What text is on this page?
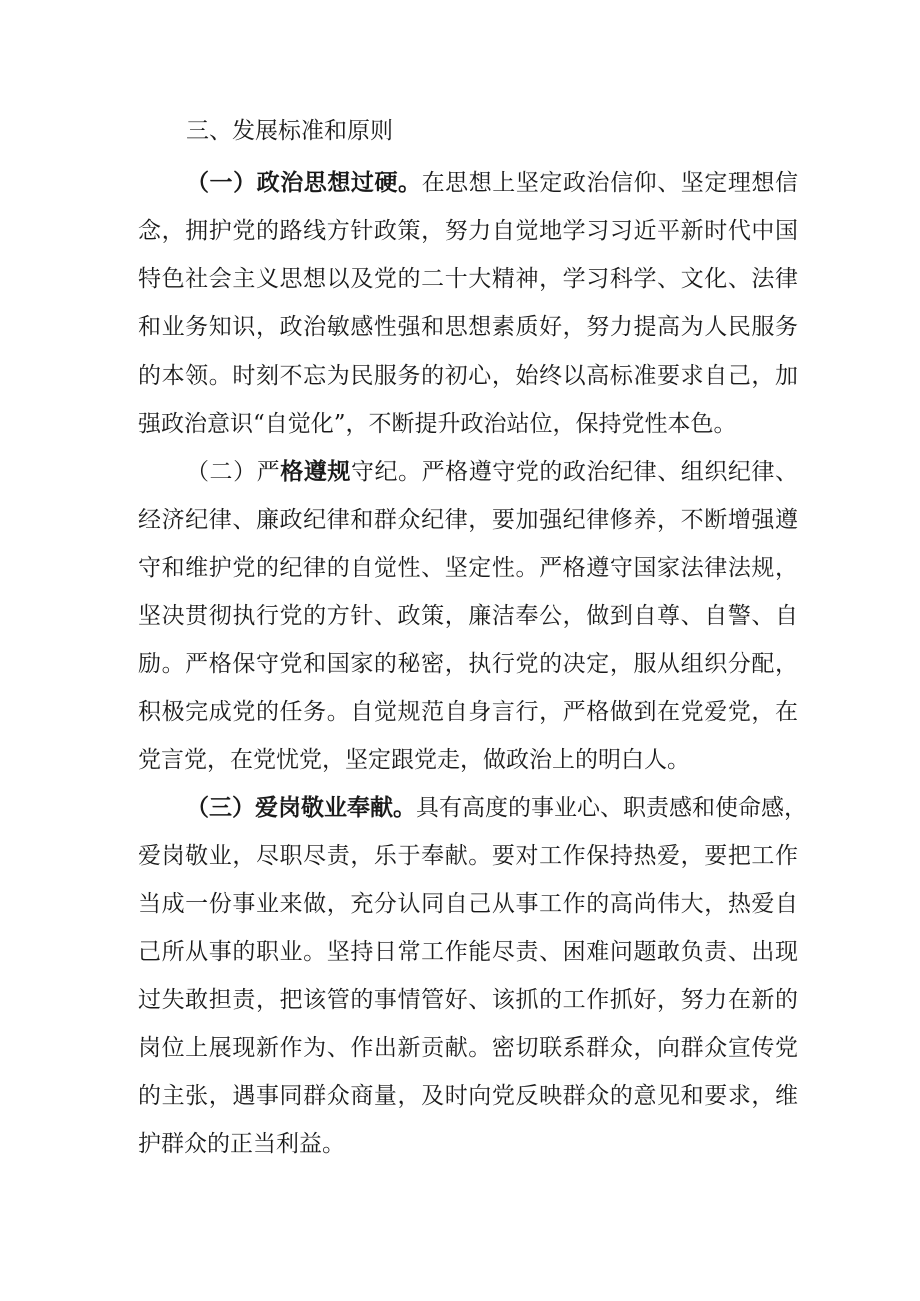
三、发展标准和原则
（一）政治思想过硬。在思想上坚定政治信仰、坚定理想信
念，拥护党的路线方针政策，努力自觉地学习习近平新时代中国
特色社会主义思想以及党的二十大精神，学习科学、文化、法律
和业务知识，政治敏感性强和思想素质好，努力提高为人民服务
的本领。时刻不忘为民服务的初心，始终以高标准要求自己，加
强政治意识“自觉化”，不断提升政治站位，保持党性本色。
（二）严格遵规守纪。严格遵守党的政治纪律、组织纪律、
经济纪律、廉政纪律和群众纪律，要加强纪律修养，不断增强遵
守和维护党的纪律的自觉性、坚定性。严格遵守国家法律法规，
坚决贯彻执行党的方针、政策，廉洁奉公，做到自尊、自警、自
励。严格保守党和国家的秘密，执行党的决定，服从组织分配，
积极完成党的任务。自觉规范自身言行，严格做到在党爱党，在
党言党，在党忧党，坚定跟党走，做政治上的明白人。
（三）爱岗敬业奉献。具有高度的事业心、职责感和使命感，
爱岗敬业，尽职尽责，乐于奉献。要对工作保持热爱，要把工作
当成一份事业来做，充分认同自己从事工作的高尚伟大，热爱自
己所从事的职业。坚持日常工作能尽责、困难问题敢负责、出现
过失敢担责，把该管的事情管好、该抓的工作抓好，努力在新的
岗位上展现新作为、作出新贡献。密切联系群众，向群众宣传党
的主张，遇事同群众商量，及时向党反映群众的意见和要求，维
护群众的正当利益。
